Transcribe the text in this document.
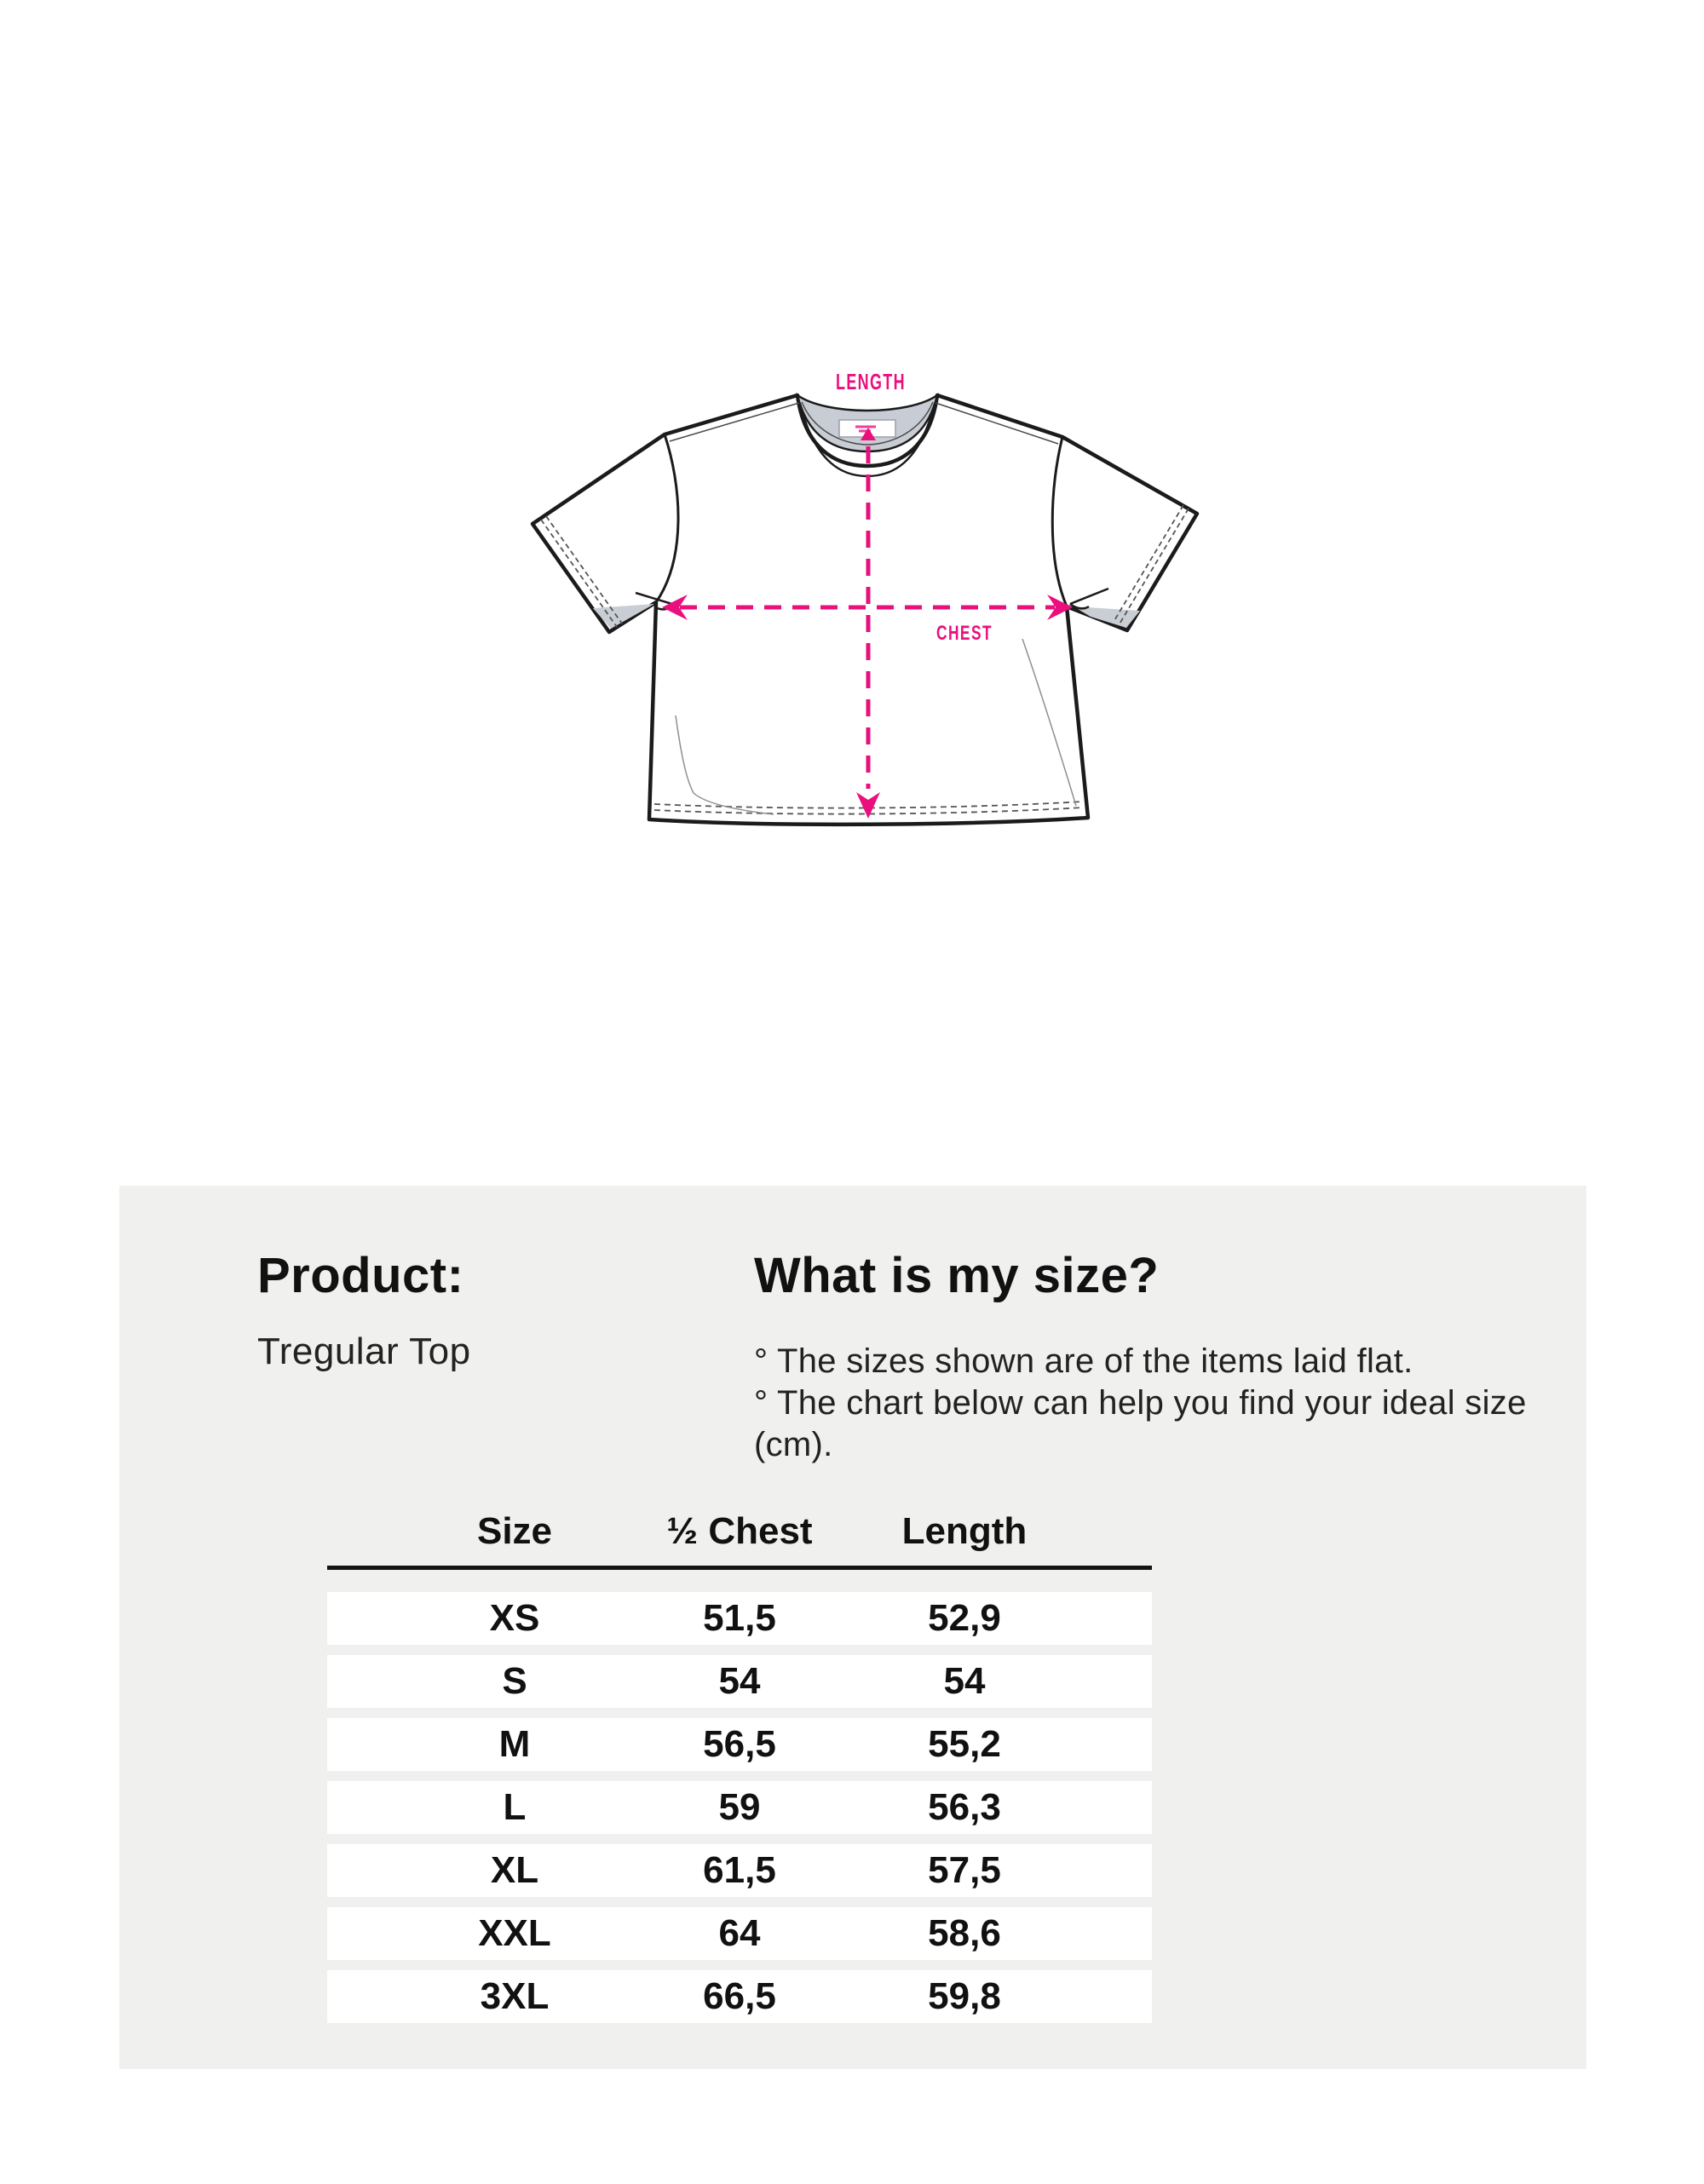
LENGTH
CHEST
Product:

Tregular Top

What is my size?

° The sizes shown are of the items laid flat.

° The chart below can help you find your ideal size (cm).

Size	½ Chest	Length
XS	51,5	52,9
S	54	54
M	56,5	55,2
L	59	56,3
XL	61,5	57,5
XXL	64	58,6
3XL	66,5	59,8
